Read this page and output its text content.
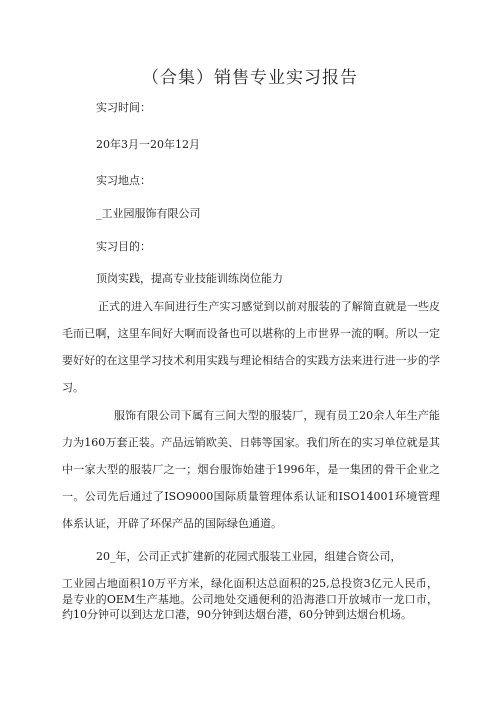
（合集）销售专业实习报告
实习时间：
20年3月一20年12月
实习地点：
_工业园服饰有限公司
实习目的：
顶岗实践，提高专业技能训练岗位能力
正式的进入车间进行生产实习感觉到以前对服装的了解简直就是一些皮毛而已啊，这里车间好大啊而设备也可以堪称的上市世界一流的啊。所以一定要好好的在这里学习技术利用实践与理论相结合的实践方法来进行进一步的学习。
服饰有限公司下属有三间大型的服装厂，现有员工20余人年生产能力为160万套正装。产品远销欧美、日韩等国家。我们所在的实习单位就是其中一家大型的服装厂之一；烟台服饰始建于1996年，是一集团的骨干企业之一。公司先后通过了ISO9000国际质量管理体系认证和ISO14001环境管理体系认证，开辟了环保产品的国际绿色通道。
20_年，公司正式扩建新的花园式服装工业园，组建合资公司，
工业园占地面积10万平方米，绿化面积达总面积的25,总投资3亿元人民币，是专业的OEM生产基地。公司地处交通便利的沿海港口开放城市一龙口市，约10分钟可以到达龙口港，90分钟到达烟台港，60分钟到达烟台机场。
